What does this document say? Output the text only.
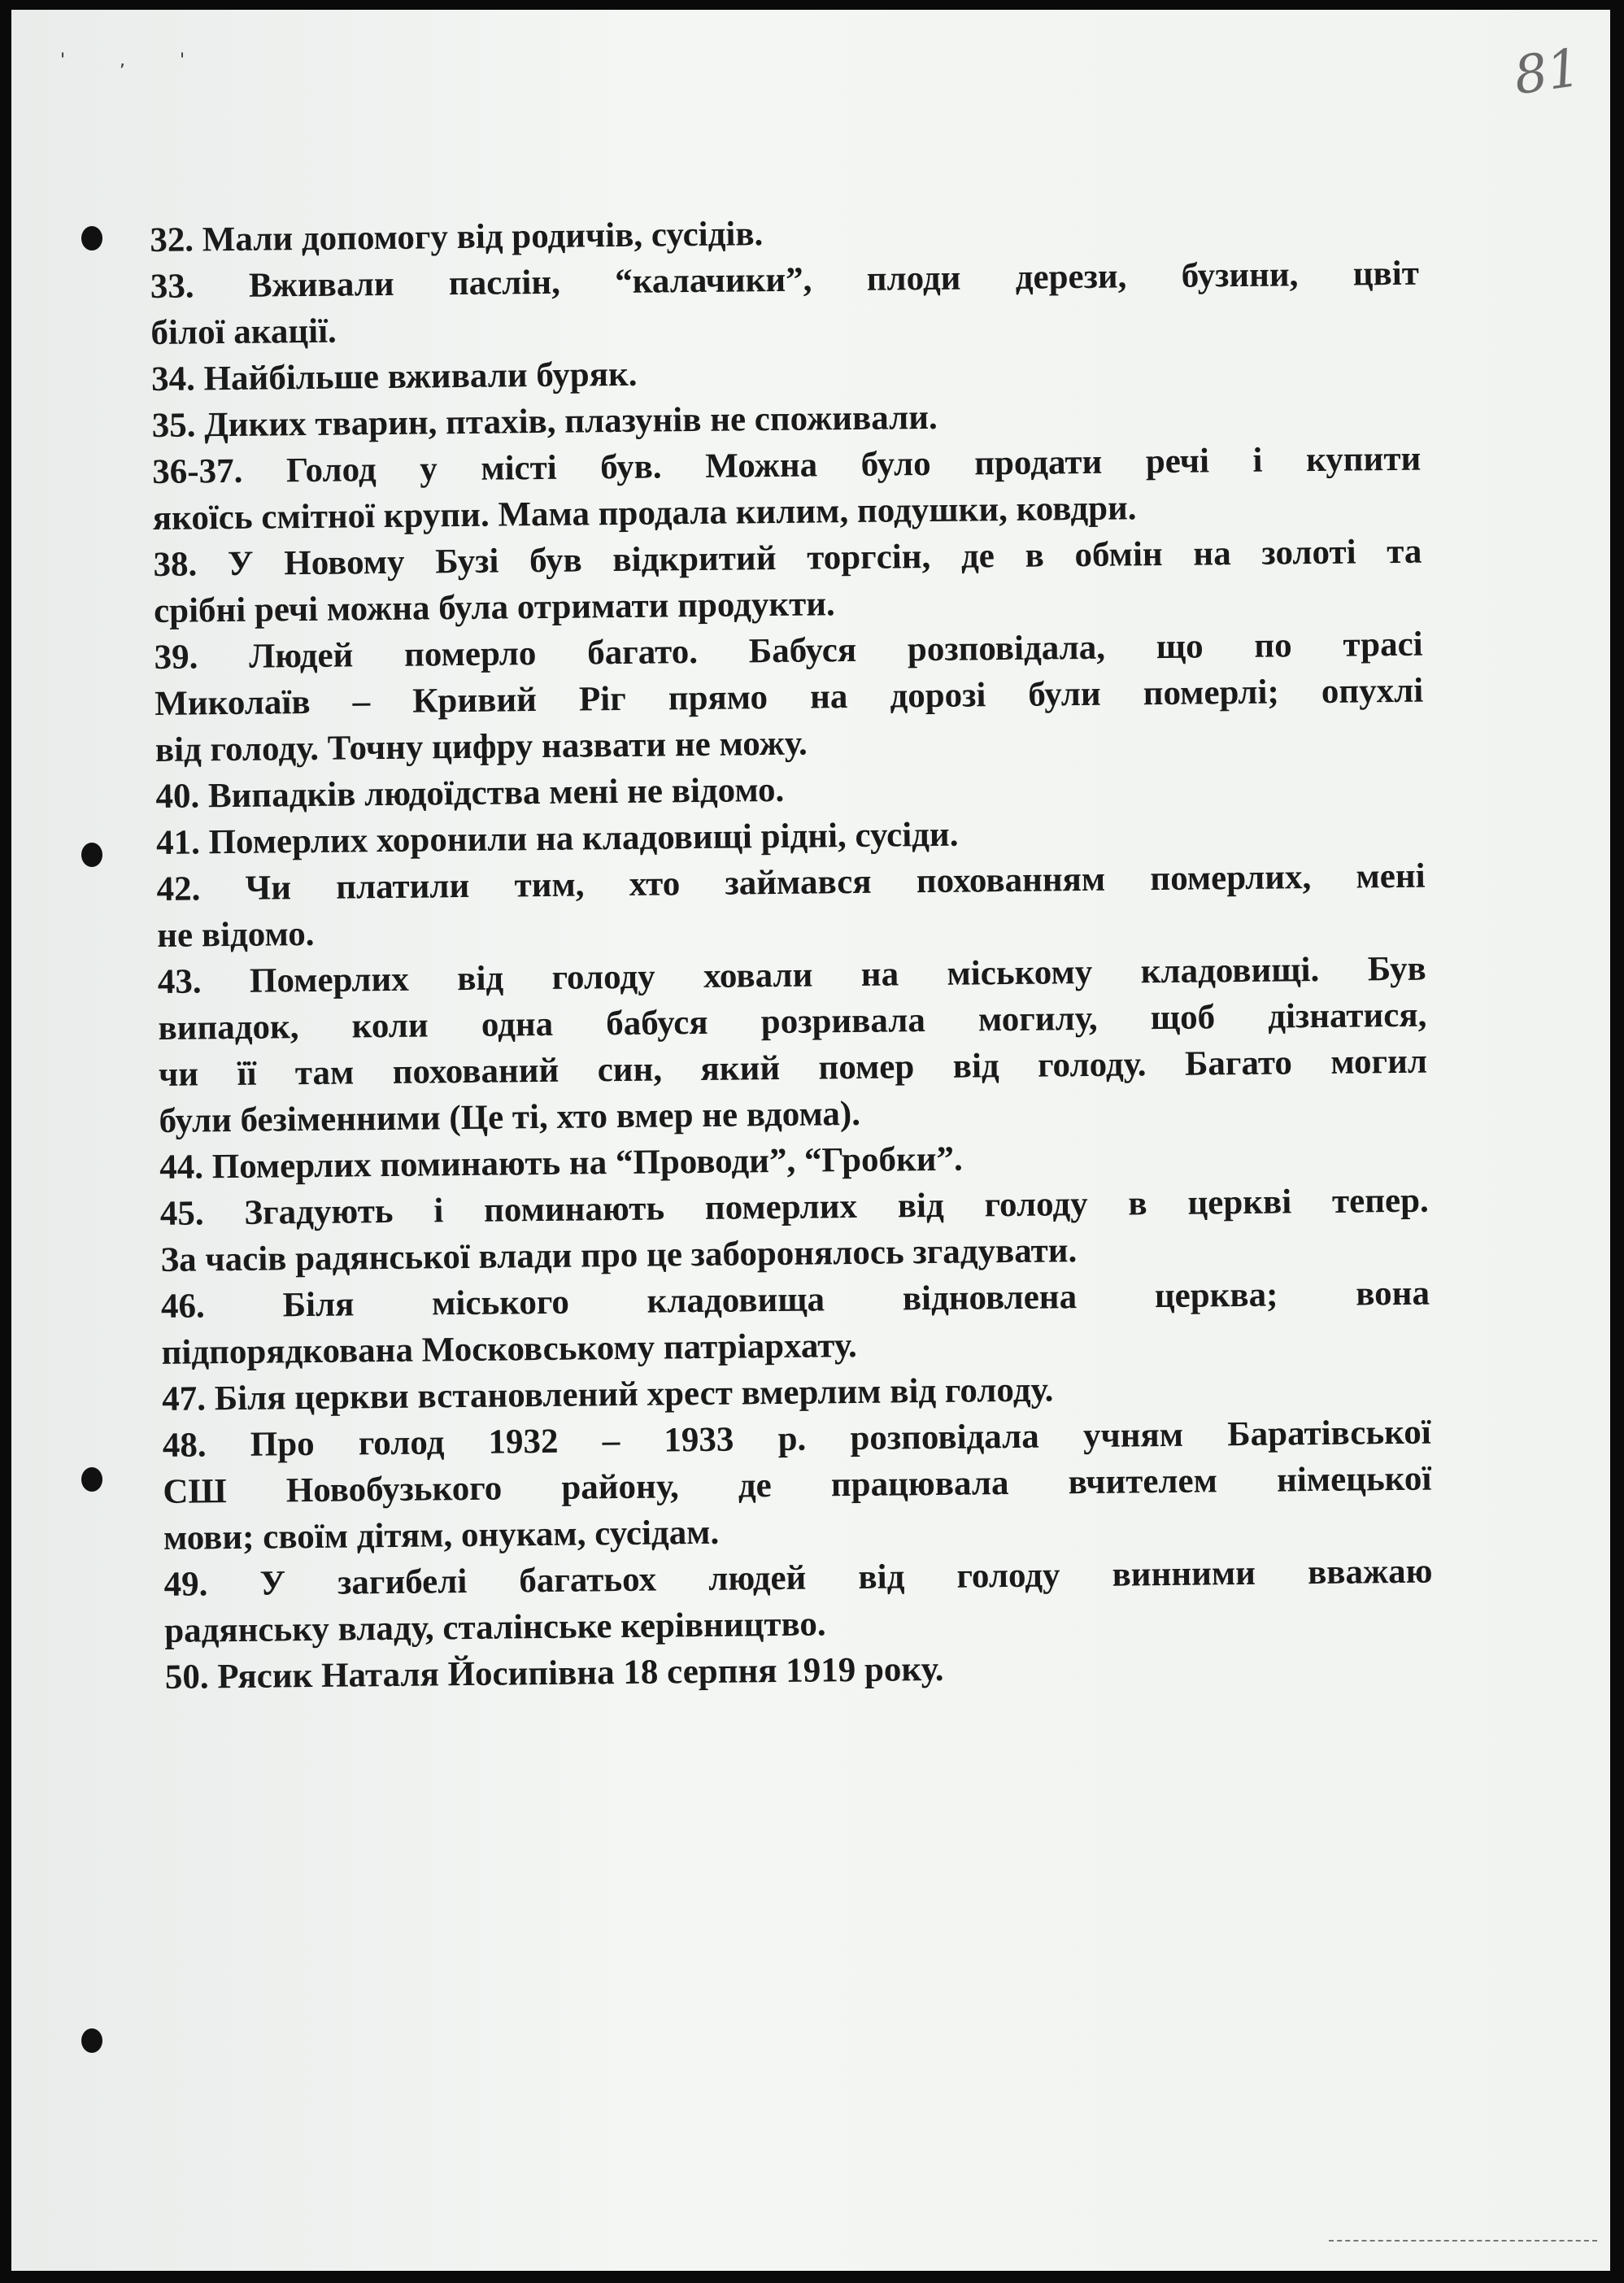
' , '	81
32. Мали допомогу від родичів, сусідів.
33. Вживали паслін, “калачики”, плоди дерези, бузини, цвіт
білої акації.
34. Найбільше вживали буряк.
35. Диких тварин, птахів, плазунів не споживали.
36-37. Голод у місті був. Можна було продати речі і купити
якоїсь смітної крупи. Мама продала килим, подушки, ковдри.
38. У Новому Бузі був відкритий торгсін, де в обмін на золоті та
срібні речі можна була отримати продукти.
39. Людей померло багато. Бабуся розповідала, що по трасі
Миколаїв – Кривий Ріг прямо на дорозі були померлі; опухлі
від голоду. Точну цифру назвати не можу.
40. Випадків людоїдства мені не відомо.
41. Померлих хоронили на кладовищі рідні, сусіди.
42. Чи платили тим, хто займався похованням померлих, мені
не відомо.
43. Померлих від голоду ховали на міському кладовищі. Був
випадок, коли одна бабуся розривала могилу, щоб дізнатися,
чи її там похований син, який помер від голоду. Багато могил
були безіменними (Це ті, хто вмер не вдома).
44. Померлих поминають на “Проводи”, “Гробки”.
45. Згадують і поминають померлих від голоду в церкві тепер.
За часів радянської влади про це заборонялось згадувати.
46. Біля міського кладовища відновлена церква; вона
підпорядкована Московському патріархату.
47. Біля церкви встановлений хрест вмерлим від голоду.
48. Про голод 1932 – 1933 р. розповідала учням Баратівської
СШ Новобузького району, де працювала вчителем німецької
мови; своїм дітям, онукам, сусідам.
49. У загибелі багатьох людей від голоду винними вважаю
радянську владу, сталінське керівництво.
50. Рясик Наталя Йосипівна 18 серпня 1919 року.
